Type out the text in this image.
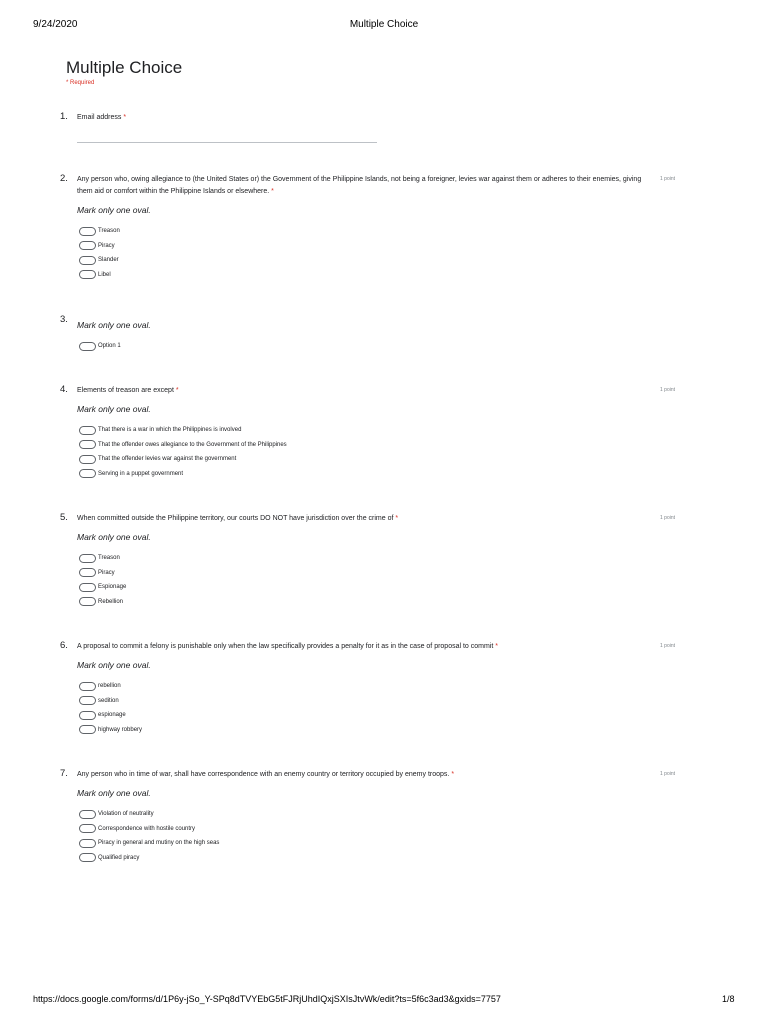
9/24/2020	Multiple Choice
Multiple Choice
* Required
1. Email address *
2. Any person who, owing allegiance to (the United States or) the Government of the Philippine Islands, not being a foreigner, levies war against them or adheres to their enemies, giving them aid or comfort within the Philippine Islands or elsewhere. *
1 point
Mark only one oval.
Treason
Piracy
Slander
Libel
3. Mark only one oval.
Option 1
4. Elements of treason are except *	1 point
Mark only one oval.
That there is a war in which the Philippines is involved
That the offender owes allegiance to the Government of the Philippines
That the offender levies war against the government
Serving in a puppet government
5. When committed outside the Philippine territory, our courts DO NOT have jurisdiction over the crime of *	1 point
Mark only one oval.
Treason
Piracy
Espionage
Rebellion
6. A proposal to commit a felony is punishable only when the law specifically provides a penalty for it as in the case of proposal to commit *	1 point
Mark only one oval.
rebellion
sedition
espionage
highway robbery
7. Any person who in time of war, shall have correspondence with an enemy country or territory occupied by enemy troops. *	1 point
Mark only one oval.
Violation of neutrality
Correspondence with hostile country
Piracy in general and mutiny on the high seas
Qualified piracy
https://docs.google.com/forms/d/1P6y-jSo_Y-SPq8dTVYEbG5tFJRjUhdIQxjSXIsJtvWk/edit?ts=5f6c3ad3&gxids=7757	1/8
